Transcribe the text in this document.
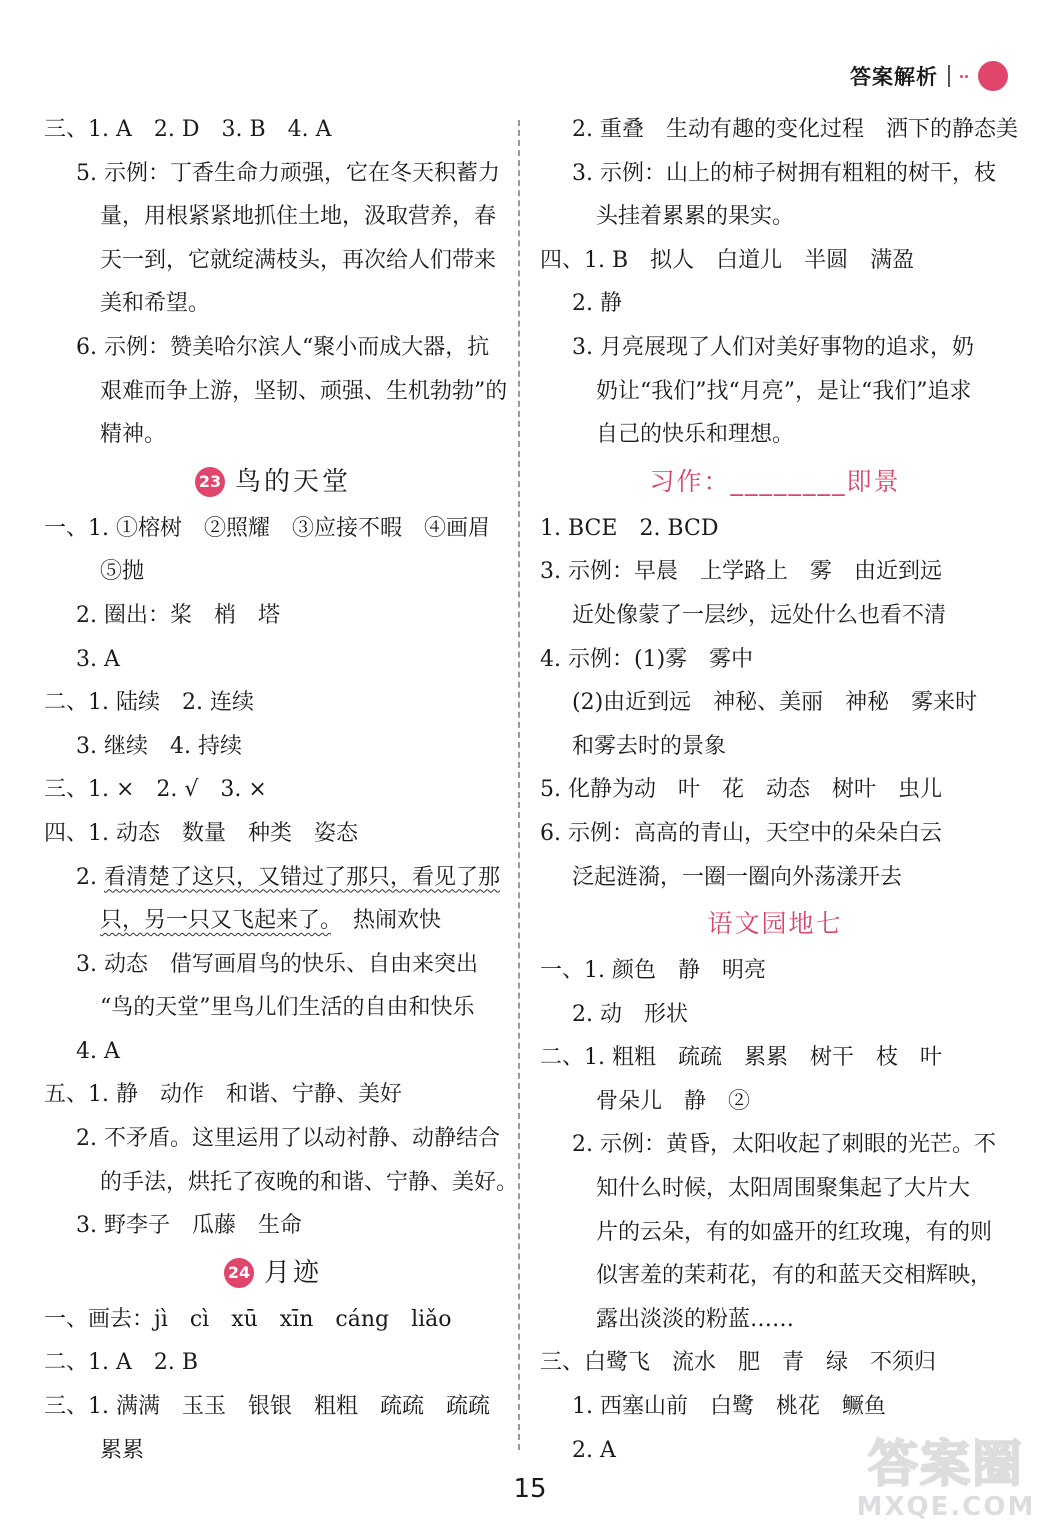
答案解析
三、1. A　2. D　3. B　4. A
5. 示例：丁香生命力顽强，它在冬天积蓄力
量，用根紧紧地抓住土地，汲取营养，春
天一到，它就绽满枝头，再次给人们带来
美和希望。
6. 示例：赞美哈尔滨人“聚小而成大器，抗
艰难而争上游，坚韧、顽强、生机勃勃”的
精神。
23 鸟的天堂
一、1. ①榕树　②照耀　③应接不暇　④画眉
⑤抛
2. 圈出：桨　梢　塔
3. A
二、1. 陆续　2. 连续
3. 继续　4. 持续
三、1. ×　2. √　3. ×
四、1. 动态　数量　种类　姿态
2. 看清楚了这只，又错过了那只，看见了那
只，另一只又飞起来了。　热闹欢快
3. 动态　借写画眉鸟的快乐、自由来突出
“鸟的天堂”里鸟儿们生活的自由和快乐
4. A
五、1. 静　动作　和谐、宁静、美好
2. 不矛盾。这里运用了以动衬静、动静结合
的手法，烘托了夜晚的和谐、宁静、美好。
3. 野李子　瓜藤　生命
24 月迹
一、画去：jì　cì　xū　xīn　cáng　liǎo
二、1. A　2. B
三、1. 满满　玉玉　银银　粗粗　疏疏　疏疏
累累
2. 重叠　生动有趣的变化过程　洒下的静态美
3. 示例：山上的柿子树拥有粗粗的树干，枝
头挂着累累的果实。
四、1. B　拟人　白道儿　半圆　满盈
2. 静
3. 月亮展现了人们对美好事物的追求，奶
奶让“我们”找“月亮”，是让“我们”追求
自己的快乐和理想。
习作：________即景
1. BCE　2. BCD
3. 示例：早晨　上学路上　雾　由近到远
近处像蒙了一层纱，远处什么也看不清
4. 示例：(1)雾　雾中
(2)由近到远　神秘、美丽　神秘　雾来时
和雾去时的景象
5. 化静为动　叶　花　动态　树叶　虫儿
6. 示例：高高的青山，天空中的朵朵白云
泛起涟漪，一圈一圈向外荡漾开去
语文园地七
一、1. 颜色　静　明亮
2. 动　形状
二、1. 粗粗　疏疏　累累　树干　枝　叶
骨朵儿　静　②
2. 示例：黄昏，太阳收起了刺眼的光芒。不
知什么时候，太阳周围聚集起了大片大
片的云朵，有的如盛开的红玫瑰，有的则
似害羞的茉莉花，有的和蓝天交相辉映，
露出淡淡的粉蓝……
三、白鹭飞　流水　肥　青　绿　不须归
1. 西塞山前　白鹭　桃花　鳜鱼
2. A
15	答案圈
MXQE.COM
